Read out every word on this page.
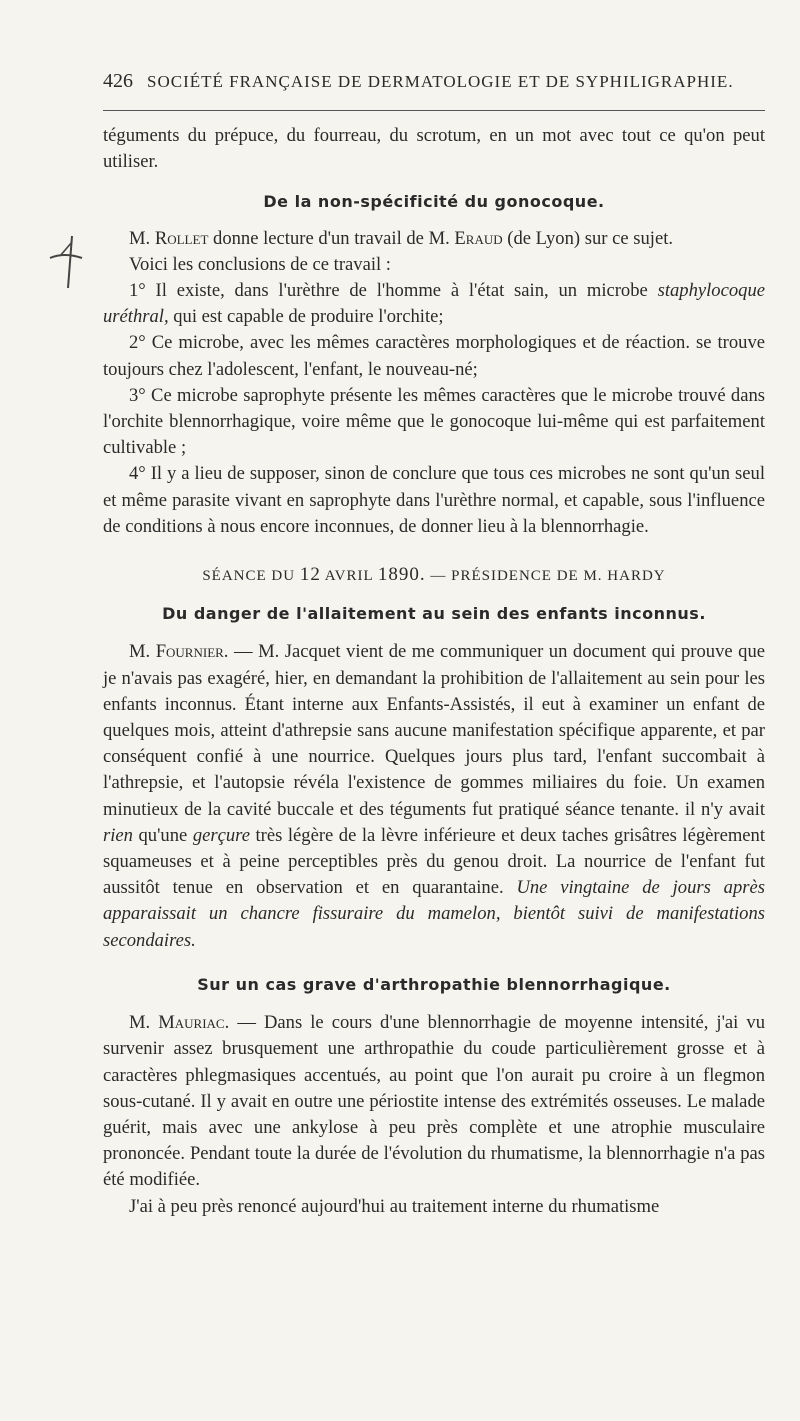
426 SOCIÉTÉ FRANÇAISE DE DERMATOLOGIE ET DE SYPHILIGRAPHIE.

téguments du prépuce, du fourreau, du scrotum, en un mot avec tout ce qu'on peut utiliser.

De la non-spécificité du gonocoque.

M. Rollet donne lecture d'un travail de M. Eraud (de Lyon) sur ce sujet.

Voici les conclusions de ce travail :

1° Il existe, dans l'urèthre de l'homme à l'état sain, un microbe staphylocoque uréthral, qui est capable de produire l'orchite;

2° Ce microbe, avec les mêmes caractères morphologiques et de réaction. se trouve toujours chez l'adolescent, l'enfant, le nouveau-né;

3° Ce microbe saprophyte présente les mêmes caractères que le microbe trouvé dans l'orchite blennorrhagique, voire même que le gonocoque lui-même qui est parfaitement cultivable ;

4° Il y a lieu de supposer, sinon de conclure que tous ces microbes ne sont qu'un seul et même parasite vivant en saprophyte dans l'urèthre normal, et capable, sous l'influence de conditions à nous encore inconnues, de donner lieu à la blennorrhagie.

SÉANCE DU 12 AVRIL 1890. — PRÉSIDENCE DE M. HARDY

Du danger de l'allaitement au sein des enfants inconnus.

M. Fournier. — M. Jacquet vient de me communiquer un document qui prouve que je n'avais pas exagéré, hier, en demandant la prohibition de l'allaitement au sein pour les enfants inconnus. Étant interne aux Enfants-Assistés, il eut à examiner un enfant de quelques mois, atteint d'athrepsie sans aucune manifestation spécifique apparente, et par conséquent confié à une nourrice. Quelques jours plus tard, l'enfant succombait à l'athrepsie, et l'autopsie révéla l'existence de gommes miliaires du foie. Un examen minutieux de la cavité buccale et des téguments fut pratiqué séance tenante. il n'y avait rien qu'une gerçure très légère de la lèvre inférieure et deux taches grisâtres légèrement squameuses et à peine perceptibles près du genou droit. La nourrice de l'enfant fut aussitôt tenue en observation et en quarantaine. Une vingtaine de jours après apparaissait un chancre fissuraire du mamelon, bientôt suivi de manifestations secondaires.

Sur un cas grave d'arthropathie blennorrhagique.

M. Mauriac. — Dans le cours d'une blennorrhagie de moyenne intensité, j'ai vu survenir assez brusquement une arthropathie du coude particulièrement grosse et à caractères phlegmasiques accentués, au point que l'on aurait pu croire à un flegmon sous-cutané. Il y avait en outre une périostite intense des extrémités osseuses. Le malade guérit, mais avec une ankylose à peu près complète et une atrophie musculaire prononcée. Pendant toute la durée de l'évolution du rhumatisme, la blennorrhagie n'a pas été modifiée.

J'ai à peu près renoncé aujourd'hui au traitement interne du rhumatisme
